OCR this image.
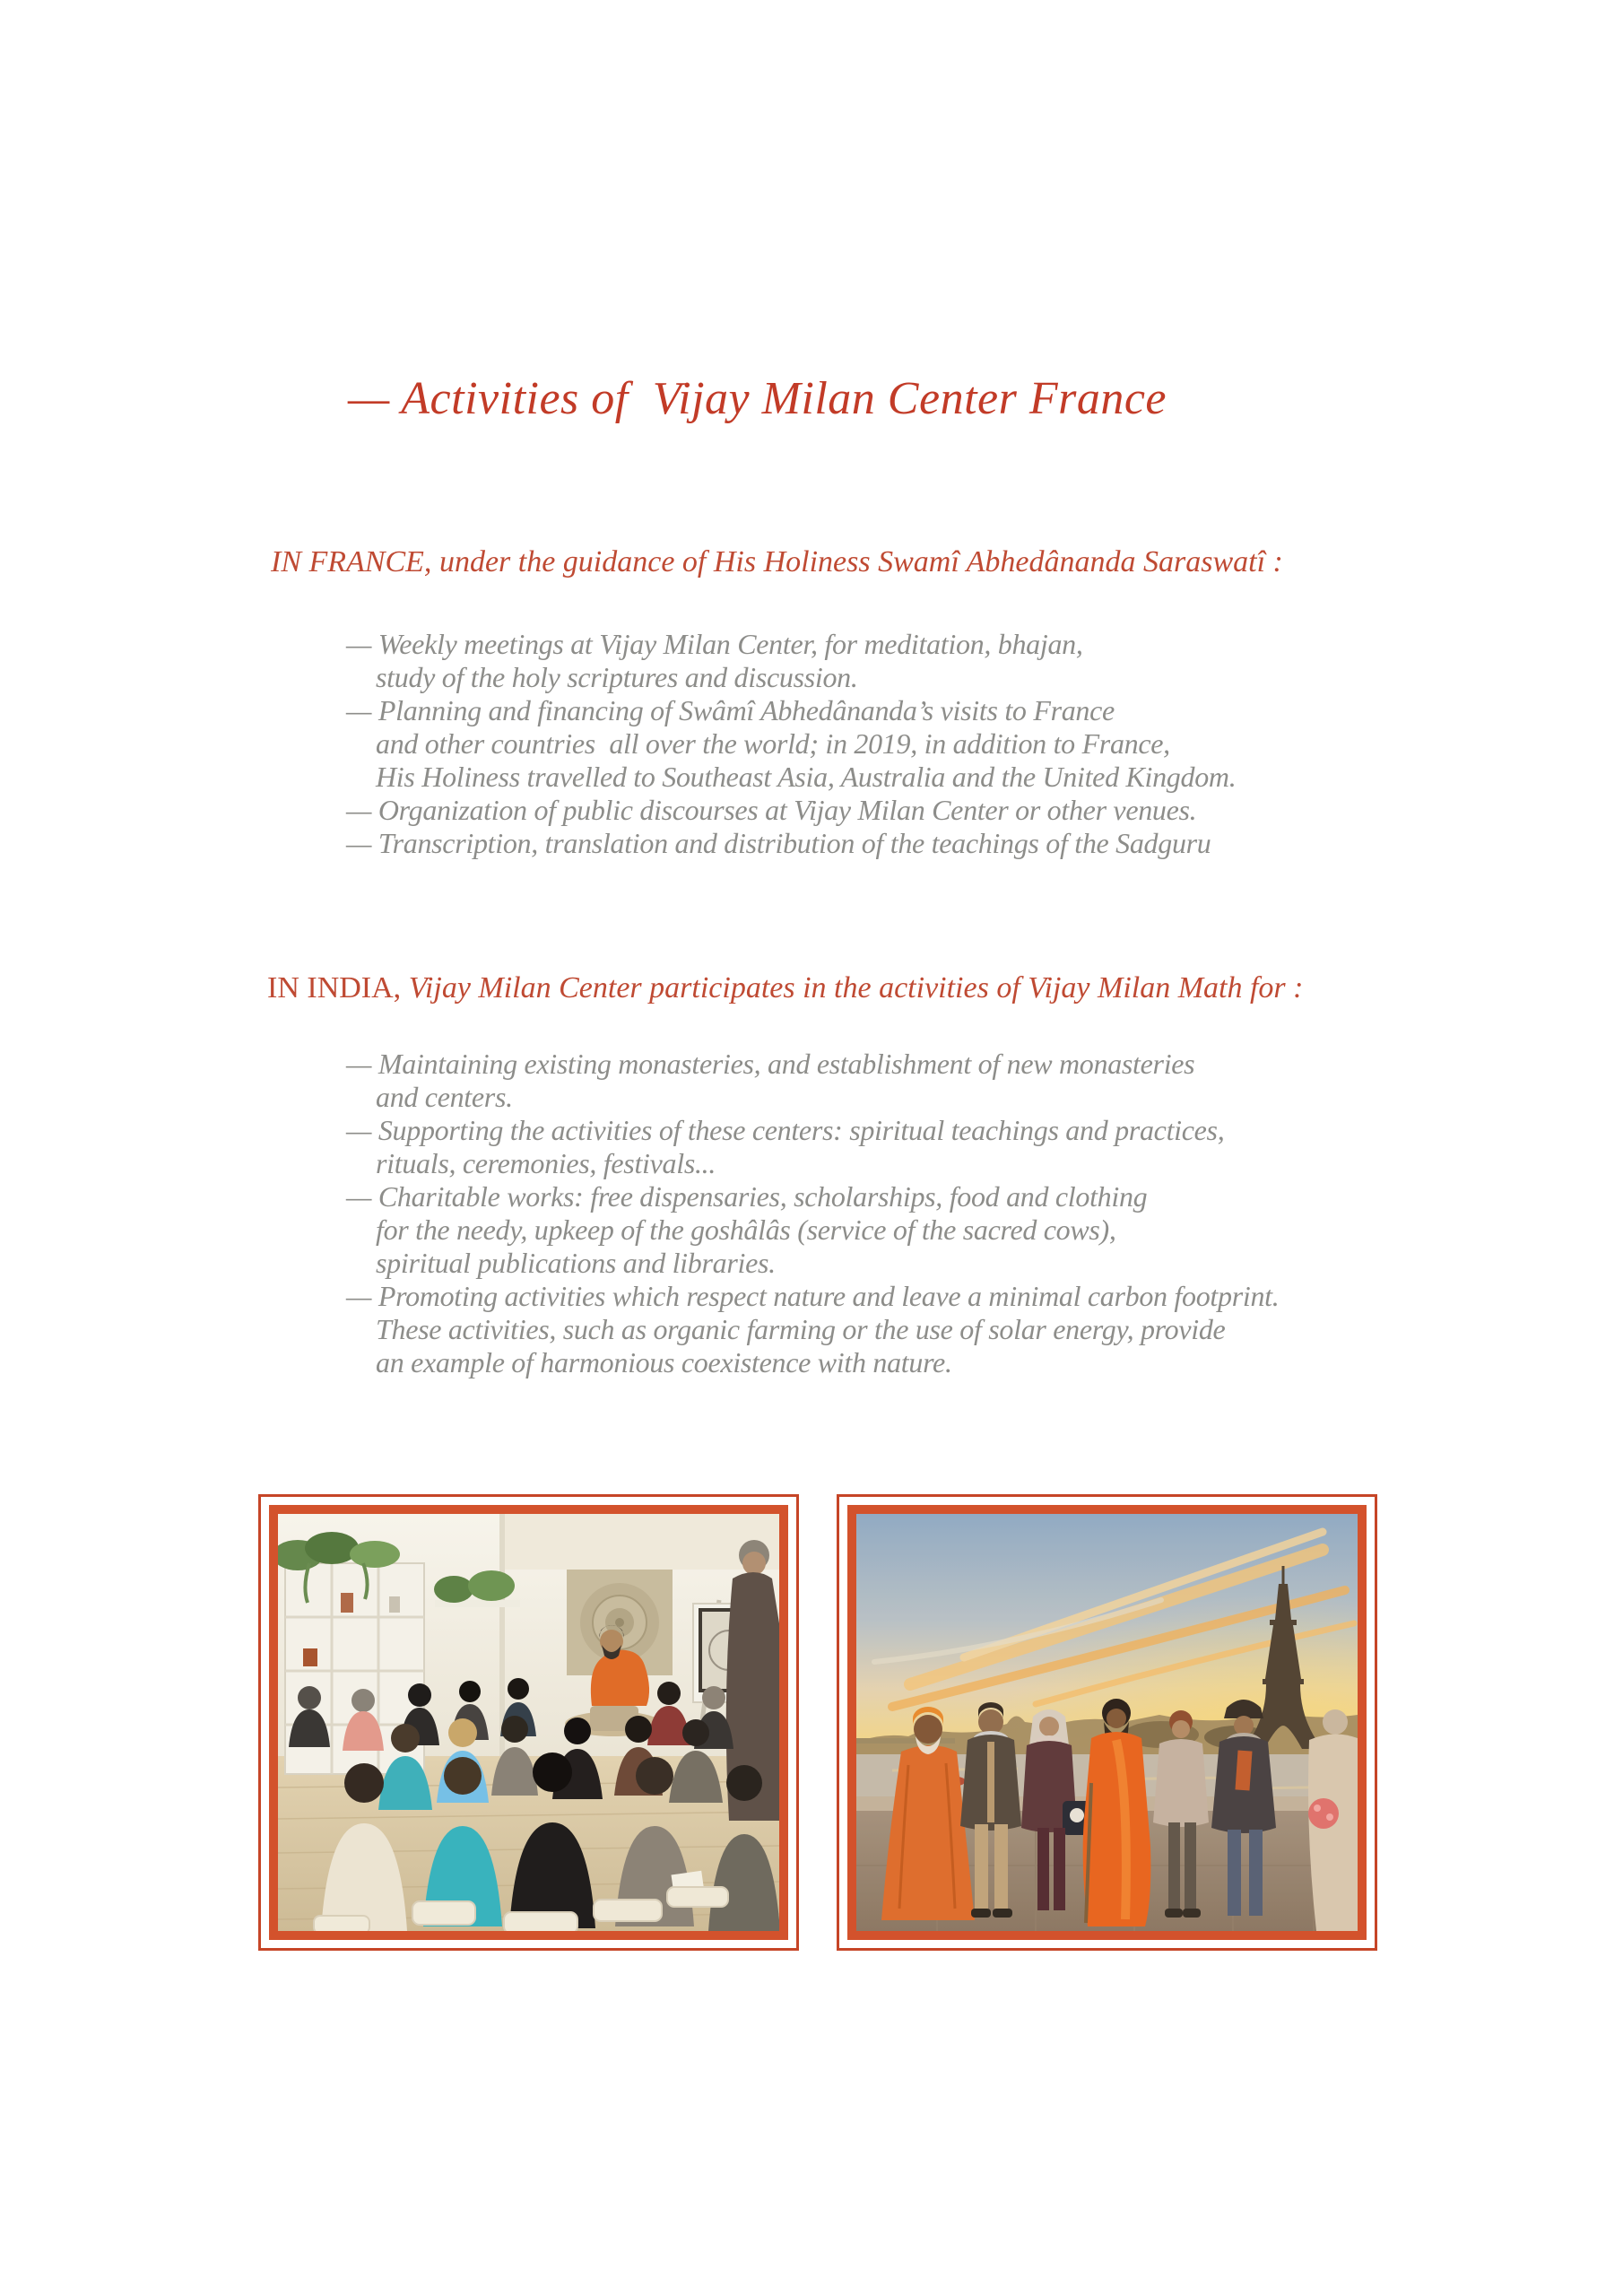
— Activities of  Vijay Milan Center France
IN FRANCE, under the guidance of His Holiness Swamî Abhedânanda Saraswatî :
— Weekly meetings at Vijay Milan Center, for meditation, bhajan,
study of the holy scriptures and discussion.
— Planning and financing of Swâmî Abhedânanda’s visits to France
and other countries  all over the world; in 2019, in addition to France,
His Holiness travelled to Southeast Asia, Australia and the United Kingdom.
— Organization of public discourses at Vijay Milan Center or other venues.
— Transcription, translation and distribution of the teachings of the Sadguru
IN INDIA, Vijay Milan Center participates in the activities of Vijay Milan Math for :
— Maintaining existing monasteries, and establishment of new monasteries
and centers.
— Supporting the activities of these centers: spiritual teachings and practices,
rituals, ceremonies, festivals...
— Charitable works: free dispensaries, scholarships, food and clothing
for the needy, upkeep of the goshâlâs (service of the sacred cows),
spiritual publications and libraries.
— Promoting activities which respect nature and leave a minimal carbon footprint.
These activities, such as organic farming or the use of solar energy, provide
an example of harmonious coexistence with nature.
